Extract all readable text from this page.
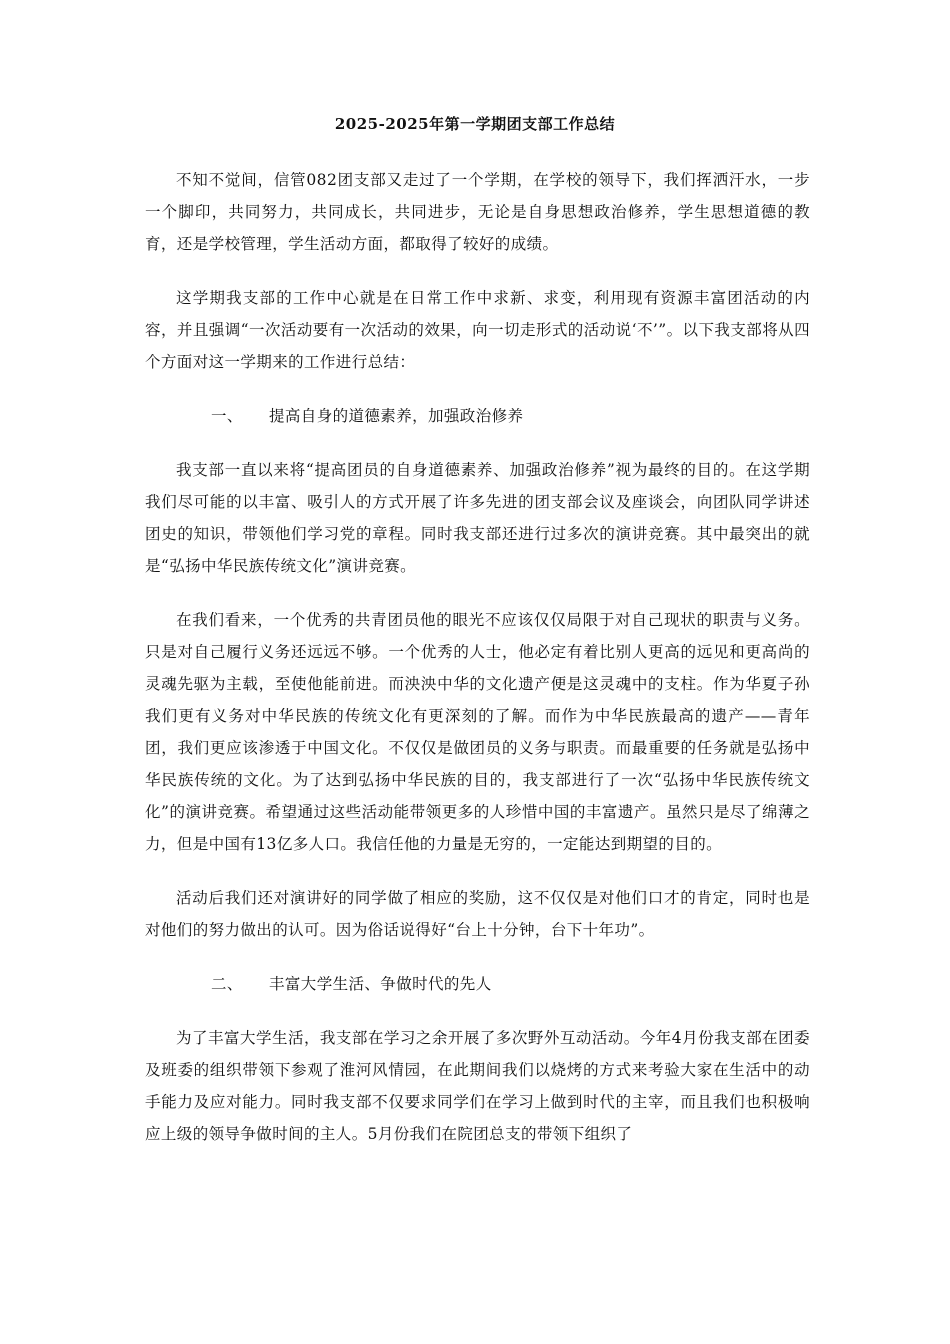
2025-2025年第一学期团支部工作总结

不知不觉间，信管082团支部又走过了一个学期，在学校的领导下，我们挥洒汗水，一步一个脚印，共同努力，共同成长，共同进步，无论是自身思想政治修养，学生思想道德的教育，还是学校管理，学生活动方面，都取得了较好的成绩。

这学期我支部的工作中心就是在日常工作中求新、求变，利用现有资源丰富团活动的内容，并且强调“一次活动要有一次活动的效果，向一切走形式的活动说‘不’”。以下我支部将从四个方面对这一学期来的工作进行总结：

一、 提高自身的道德素养，加强政治修养

我支部一直以来将“提高团员的自身道德素养、加强政治修养”视为最终的目的。在这学期我们尽可能的以丰富、吸引人的方式开展了许多先进的团支部会议及座谈会，向团队同学讲述团史的知识，带领他们学习党的章程。同时我支部还进行过多次的演讲竞赛。其中最突出的就是“弘扬中华民族传统文化”演讲竞赛。

在我们看来，一个优秀的共青团员他的眼光不应该仅仅局限于对自己现状的职责与义务。只是对自己履行义务还远远不够。一个优秀的人士，他必定有着比别人更高的远见和更高尚的灵魂先驱为主载，至使他能前进。而泱泱中华的文化遗产便是这灵魂中的支柱。作为华夏子孙我们更有义务对中华民族的传统文化有更深刻的了解。而作为中华民族最高的遗产——青年团，我们更应该渗透于中国文化。不仅仅是做团员的义务与职责。而最重要的任务就是弘扬中华民族传统的文化。为了达到弘扬中华民族的目的，我支部进行了一次“弘扬中华民族传统文化”的演讲竞赛。希望通过这些活动能带领更多的人珍惜中国的丰富遗产。虽然只是尽了绵薄之力，但是中国有13亿多人口。我信任他的力量是无穷的，一定能达到期望的目的。

活动后我们还对演讲好的同学做了相应的奖励，这不仅仅是对他们口才的肯定，同时也是对他们的努力做出的认可。因为俗话说得好“台上十分钟，台下十年功”。

二、 丰富大学生活、争做时代的先人

为了丰富大学生活，我支部在学习之余开展了多次野外互动活动。今年4月份我支部在团委及班委的组织带领下参观了淮河风情园，在此期间我们以烧烤的方式来考验大家在生活中的动手能力及应对能力。同时我支部不仅要求同学们在学习上做到时代的主宰，而且我们也积极响应上级的领导争做时间的主人。5月份我们在院团总支的带领下组织了
